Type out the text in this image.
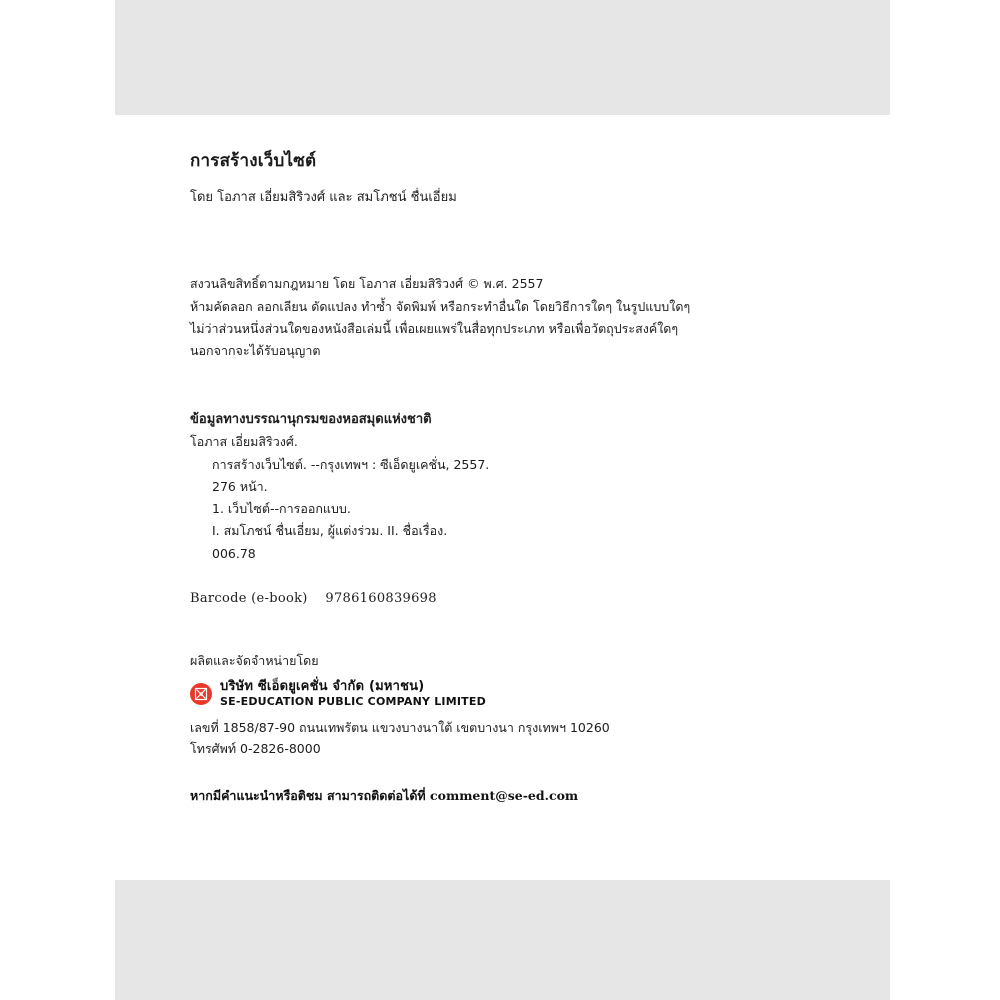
การสร้างเว็บไซต์

โดย โอภาส เอี่ยมสิริวงศ์ และ สมโภชน์ ชื่นเอี่ยม

สงวนลิขสิทธิ์ตามกฎหมาย โดย โอภาส เอี่ยมสิริวงศ์ © พ.ศ. 2557

ห้ามคัดลอก ลอกเลียน ดัดแปลง ทำซ้ำ จัดพิมพ์ หรือกระทำอื่นใด โดยวิธีการใดๆ ในรูปแบบใดๆ

ไม่ว่าส่วนหนึ่งส่วนใดของหนังสือเล่มนี้ เพื่อเผยแพร่ในสื่อทุกประเภท หรือเพื่อวัตถุประสงค์ใดๆ

นอกจากจะได้รับอนุญาต

ข้อมูลทางบรรณานุกรมของหอสมุดแห่งชาติ

โอภาส เอี่ยมสิริวงศ์.

การสร้างเว็บไซต์. --กรุงเทพฯ : ซีเอ็ดยูเคชั่น, 2557.

276 หน้า.

1. เว็บไซต์--การออกแบบ.

I. สมโภชน์ ชื่นเอี่ยม, ผู้แต่งร่วม. II. ชื่อเรื่อง.

006.78

Barcode (e-book) 9786160839698

ผลิตและจัดจำหน่ายโดย

บริษัท ซีเอ็ดยูเคชั่น จำกัด (มหาชน)
SE-EDUCATION PUBLIC COMPANY LIMITED

เลขที่ 1858/87-90 ถนนเทพรัตน แขวงบางนาใต้ เขตบางนา กรุงเทพฯ 10260

โทรศัพท์ 0-2826-8000

หากมีคำแนะนำหรือติชม สามารถติดต่อได้ที่ comment@se-ed.com
